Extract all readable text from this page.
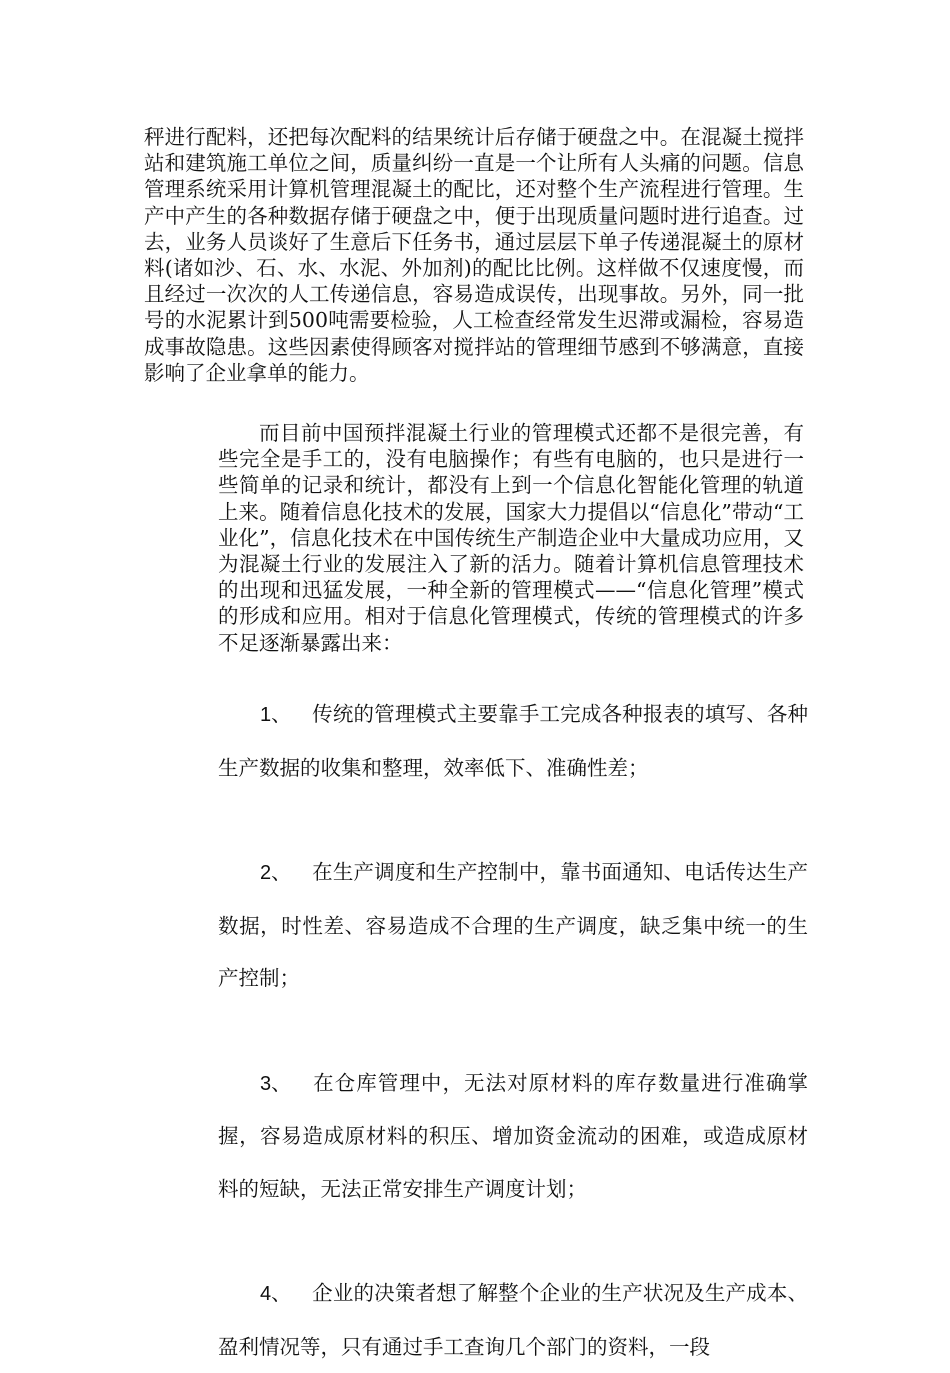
秤进行配料，还把每次配料的结果统计后存储于硬盘之中。在混凝土搅拌站和建筑施工单位之间，质量纠纷一直是一个让所有人头痛的问题。信息管理系统采用计算机管理混凝土的配比，还对整个生产流程进行管理。生产中产生的各种数据存储于硬盘之中，便于出现质量问题时进行追查。过去，业务人员谈好了生意后下任务书，通过层层下单子传递混凝土的原材料(诸如沙、石、水、水泥、外加剂)的配比比例。这样做不仅速度慢，而且经过一次次的人工传递信息，容易造成误传，出现事故。另外，同一批号的水泥累计到500吨需要检验，人工检查经常发生迟滞或漏检，容易造成事故隐患。这些因素使得顾客对搅拌站的管理细节感到不够满意，直接影响了企业拿单的能力。

而目前中国预拌混凝土行业的管理模式还都不是很完善，有些完全是手工的，没有电脑操作；有些有电脑的，也只是进行一些简单的记录和统计，都没有上到一个信息化智能化管理的轨道上来。随着信息化技术的发展，国家大力提倡以“信息化”带动“工业化”，信息化技术在中国传统生产制造企业中大量成功应用，又为混凝土行业的发展注入了新的活力。随着计算机信息管理技术的出现和迅猛发展，一种全新的管理模式——“信息化管理”模式的形成和应用。相对于信息化管理模式，传统的管理模式的许多不足逐渐暴露出来：

1、 传统的管理模式主要靠手工完成各种报表的填写、各种生产数据的收集和整理，效率低下、准确性差；

2、 在生产调度和生产控制中，靠书面通知、电话传达生产数据，时性差、容易造成不合理的生产调度，缺乏集中统一的生产控制；

3、 在仓库管理中，无法对原材料的库存数量进行准确掌握，容易造成原材料的积压、增加资金流动的困难，或造成原材料的短缺，无法正常安排生产调度计划；

4、 企业的决策者想了解整个企业的生产状况及生产成本、盈利情况等，只有通过手工查询几个部门的资料，一段
